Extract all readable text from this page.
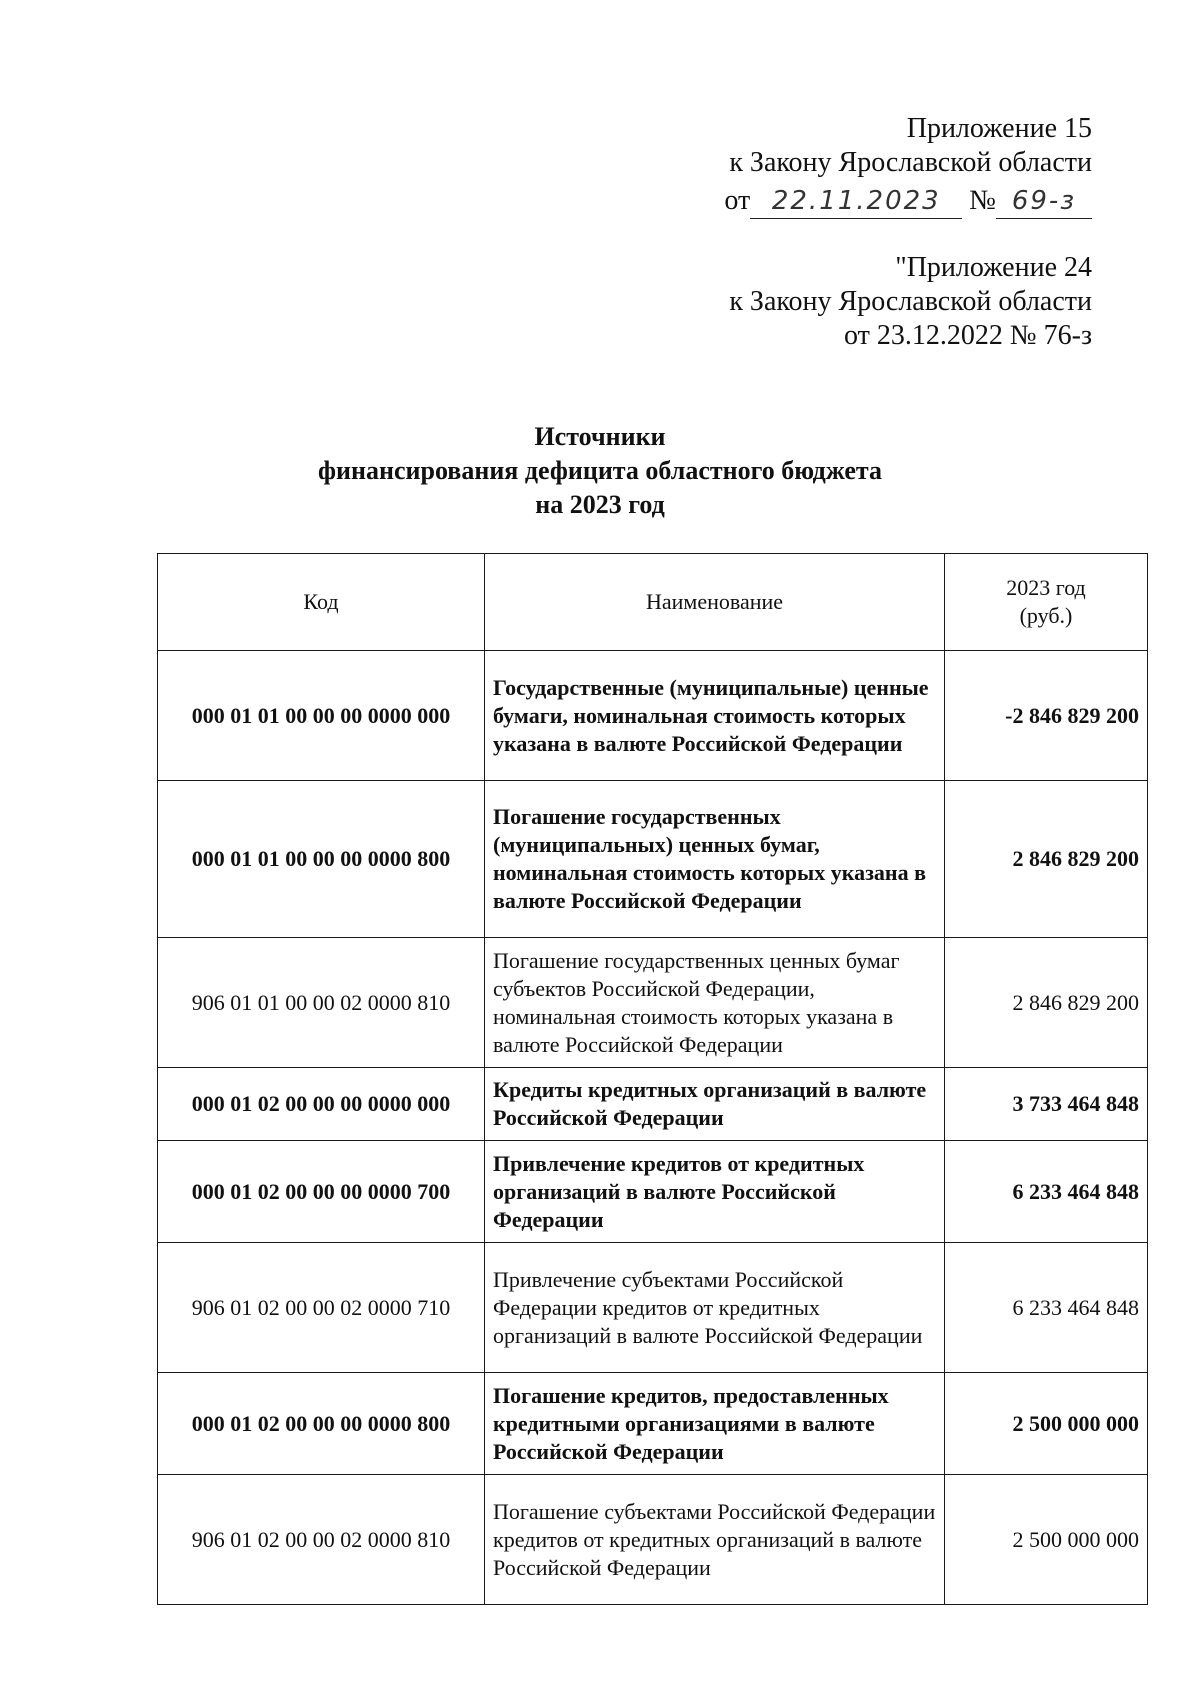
Приложение 15
к Закону Ярославской области
от 22.11.2023 № 69-з
"Приложение 24
к Закону Ярославской области
от 23.12.2022 № 76-з
Источники
финансирования дефицита областного бюджета
на 2023 год
Код	Наименование	2023 год
(руб.)
000 01 01 00 00 00 0000 000	Государственные (муниципальные) ценные бумаги, номинальная стоимость которых указана в валюте Российской Федерации	-2 846 829 200
000 01 01 00 00 00 0000 800	Погашение государственных (муниципальных) ценных бумаг, номинальная стоимость которых указана в валюте Российской Федерации	2 846 829 200
906 01 01 00 00 02 0000 810	Погашение государственных ценных бумаг субъектов Российской Федерации, номинальная стоимость которых указана в валюте Российской Федерации	2 846 829 200
000 01 02 00 00 00 0000 000	Кредиты кредитных организаций в валюте Российской Федерации	3 733 464 848
000 01 02 00 00 00 0000 700	Привлечение кредитов от кредитных организаций в валюте Российской Федерации	6 233 464 848
906 01 02 00 00 02 0000 710	Привлечение субъектами Российской Федерации кредитов от кредитных организаций в валюте Российской Федерации	6 233 464 848
000 01 02 00 00 00 0000 800	Погашение кредитов, предоставленных кредитными организациями в валюте Российской Федерации	2 500 000 000
906 01 02 00 00 02 0000 810	Погашение субъектами Российской Федерации кредитов от кредитных организаций в валюте Российской Федерации	2 500 000 000
